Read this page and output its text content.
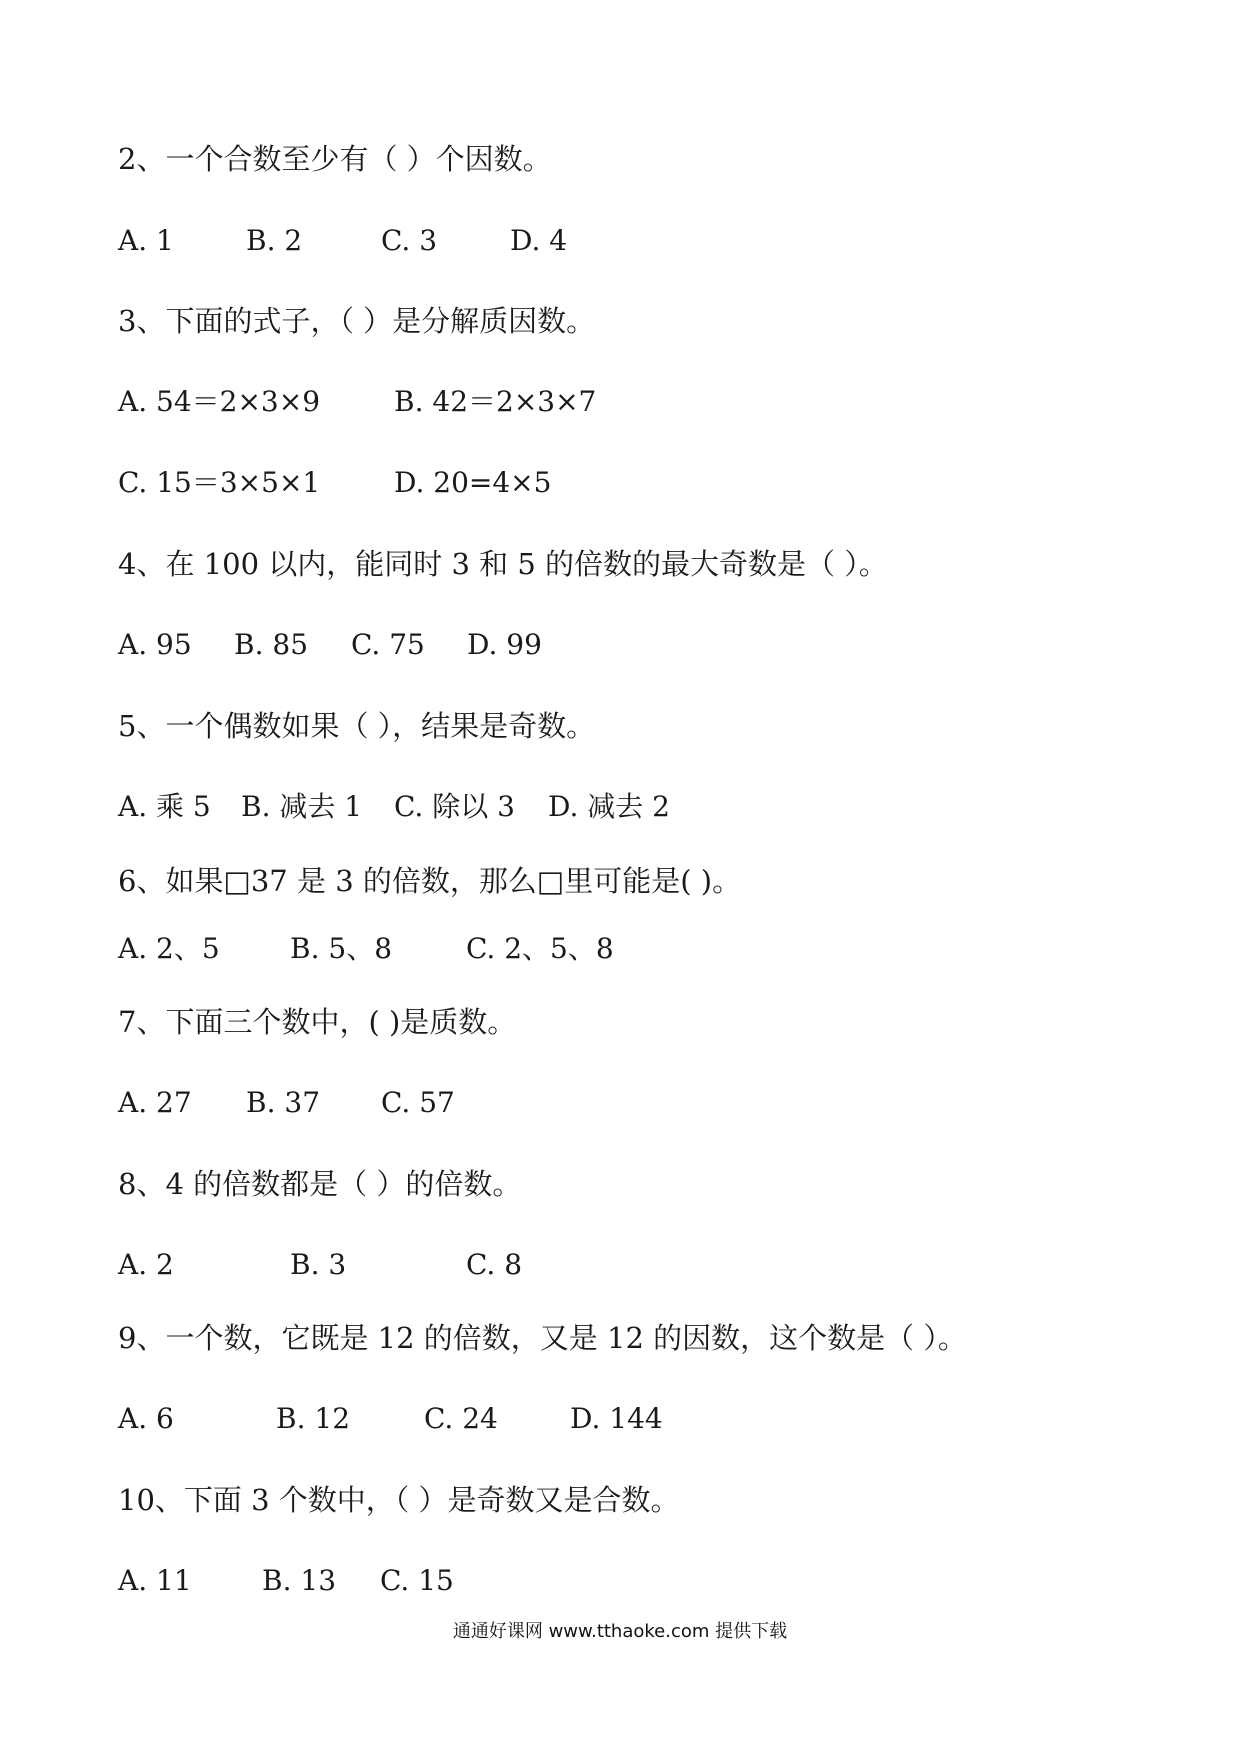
2、一个合数至少有（ ）个因数。
A. 1	B. 2	C. 3	D. 4
3、下面的式子，（ ）是分解质因数。
A. 54＝2×3×9	B. 42＝2×3×7
C. 15＝3×5×1	D. 20=4×5
4、在 100 以内，能同时 3 和 5 的倍数的最大奇数是（ ）。
A. 95 B. 85 C. 75 D. 99
5、一个偶数如果（ ），结果是奇数。
A. 乘 5 B. 减去 1 C. 除以 3 D. 减去 2
6、如果□37 是 3 的倍数，那么□里可能是( )。
A. 2、5	B. 5、8	C. 2、5、8
7、下面三个数中，( )是质数。
A. 27 B. 37 C. 57
8、4 的倍数都是（ ）的倍数。
A. 2	B. 3	C. 8
9、一个数，它既是 12 的倍数，又是 12 的因数，这个数是（ ）。
A. 6	B. 12	C. 24	D. 144
10、下面 3 个数中，（ ）是奇数又是合数。
A. 11	B. 13 C. 15
通通好课网 www.tthaoke.com 提供下载
